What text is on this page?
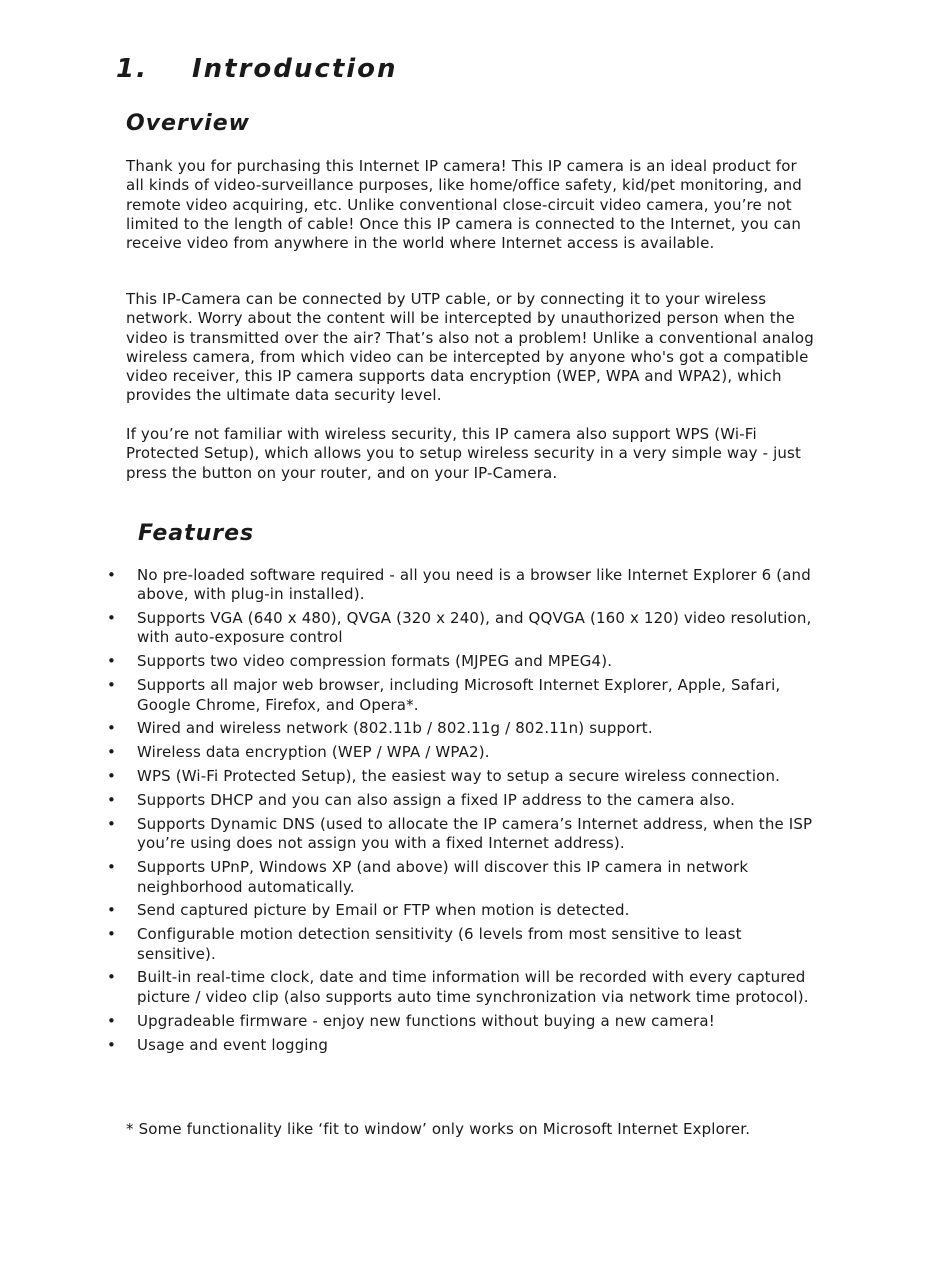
1. Introduction
Overview

Thank you for purchasing this Internet IP camera! This IP camera is an ideal product for all kinds of video-surveillance purposes, like home/office safety, kid/pet monitoring, and remote video acquiring, etc. Unlike conventional close-circuit video camera, you’re not limited to the length of cable! Once this IP camera is connected to the Internet, you can receive video from anywhere in the world where Internet access is available.

This IP-Camera can be connected by UTP cable, or by connecting it to your wireless network. Worry about the content will be intercepted by unauthorized person when the video is transmitted over the air? That’s also not a problem! Unlike a conventional analog wireless camera, from which video can be intercepted by anyone who's got a compatible video receiver, this IP camera supports data encryption (WEP, WPA and WPA2), which provides the ultimate data security level.

If you’re not familiar with wireless security, this IP camera also support WPS (Wi-Fi Protected Setup), which allows you to setup wireless security in a very simple way - just press the button on your router, and on your IP-Camera.

Features
•	No pre-loaded software required - all you need is a browser like Internet Explorer 6 (and above, with plug-in installed).
•	Supports VGA (640 x 480), QVGA (320 x 240), and QQVGA (160 x 120) video resolution, with auto-exposure control
•	Supports two video compression formats (MJPEG and MPEG4).
•	Supports all major web browser, including Microsoft Internet Explorer, Apple, Safari, Google Chrome, Firefox, and Opera*.
•	Wired and wireless network (802.11b / 802.11g / 802.11n) support.
•	Wireless data encryption (WEP / WPA / WPA2).
•	WPS (Wi-Fi Protected Setup), the easiest way to setup a secure wireless connection.
•	Supports DHCP and you can also assign a fixed IP address to the camera also.
•	Supports Dynamic DNS (used to allocate the IP camera’s Internet address, when the ISP you’re using does not assign you with a fixed Internet address).
•	Supports UPnP, Windows XP (and above) will discover this IP camera in network neighborhood automatically.
•	Send captured picture by Email or FTP when motion is detected.
•	Configurable motion detection sensitivity (6 levels from most sensitive to least sensitive).
•	Built-in real-time clock, date and time information will be recorded with every captured picture / video clip (also supports auto time synchronization via network time protocol).
•	Upgradeable firmware - enjoy new functions without buying a new camera!
•	Usage and event logging

* Some functionality like ‘fit to window’ only works on Microsoft Internet Explorer.
